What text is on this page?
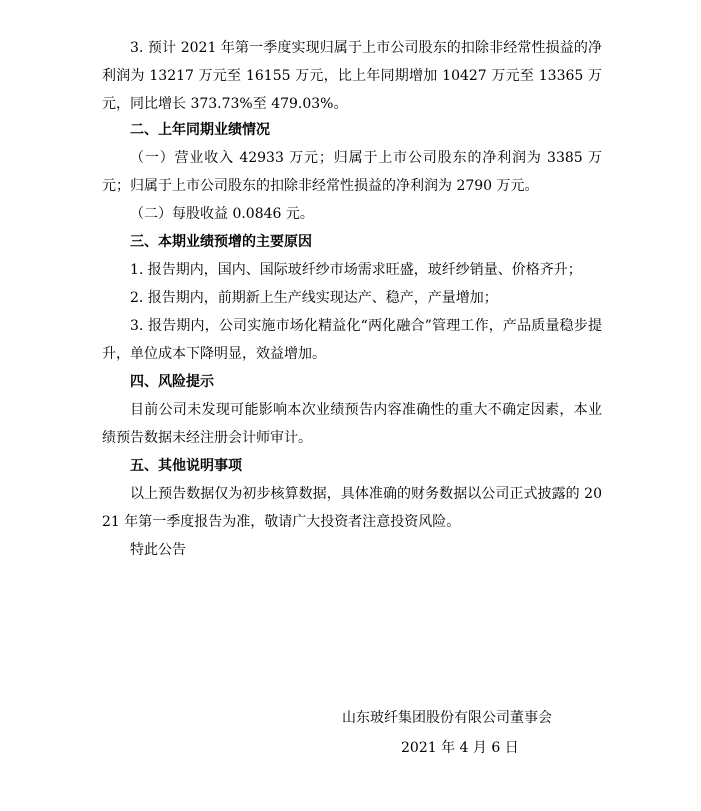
3. 预计 2021 年第一季度实现归属于上市公司股东的扣除非经常性损益的净利润为 13217 万元至 16155 万元，比上年同期增加 10427 万元至 13365 万元，同比增长 373.73%至 479.03%。
二、上年同期业绩情况
（一）营业收入 42933 万元；归属于上市公司股东的净利润为 3385 万元；归属于上市公司股东的扣除非经常性损益的净利润为 2790 万元。
（二）每股收益 0.0846 元。
三、本期业绩预增的主要原因
1. 报告期内，国内、国际玻纤纱市场需求旺盛，玻纤纱销量、价格齐升；
2. 报告期内，前期新上生产线实现达产、稳产，产量增加；
3. 报告期内，公司实施市场化精益化“两化融合”管理工作，产品质量稳步提升，单位成本下降明显，效益增加。
四、风险提示
目前公司未发现可能影响本次业绩预告内容准确性的重大不确定因素，本业绩预告数据未经注册会计师审计。
五、其他说明事项
以上预告数据仅为初步核算数据，具体准确的财务数据以公司正式披露的 2021 年第一季度报告为准，敬请广大投资者注意投资风险。
特此公告
山东玻纤集团股份有限公司董事会
2021 年 4 月 6 日
